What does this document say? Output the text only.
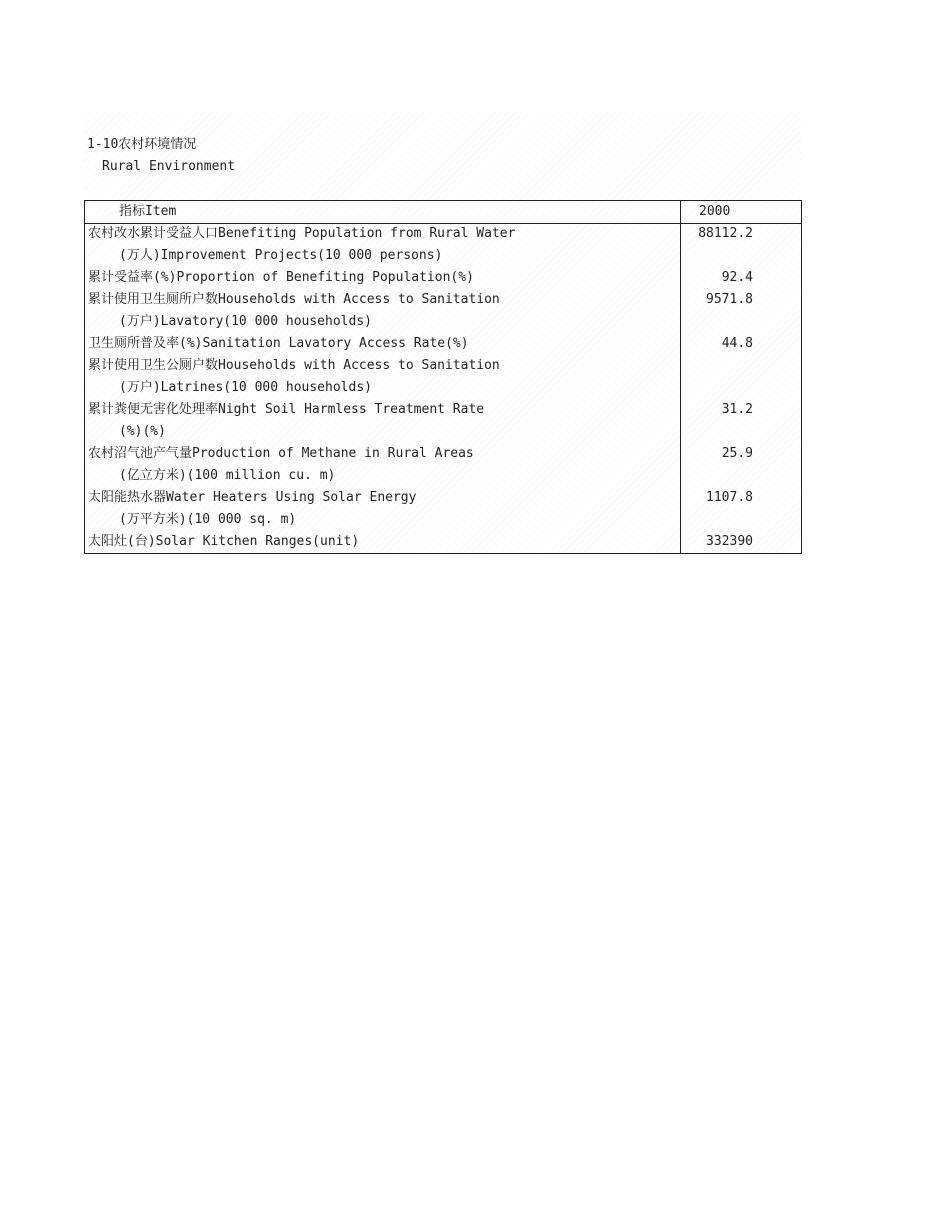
1-10农村环境情况
Rural Environment
指标Item	2000
农村改水累计受益人口Benefiting Population from Rural Water	88112.2
(万人)Improvement Projects(10 000 persons)
累计受益率(%)Proportion of Benefiting Population(%)	92.4
累计使用卫生厕所户数Households with Access to Sanitation	9571.8
(万户)Lavatory(10 000 households)
卫生厕所普及率(%)Sanitation Lavatory Access Rate(%)	44.8
累计使用卫生公厕户数Households with Access to Sanitation
(万户)Latrines(10 000 households)
累计粪便无害化处理率Night Soil Harmless Treatment Rate	31.2
(%)(%)
农村沼气池产气量Production of Methane in Rural Areas	25.9
(亿立方米)(100 million cu. m)
太阳能热水器Water Heaters Using Solar Energy	1107.8
(万平方米)(10 000 sq. m)
太阳灶(台)Solar Kitchen Ranges(unit)	332390
